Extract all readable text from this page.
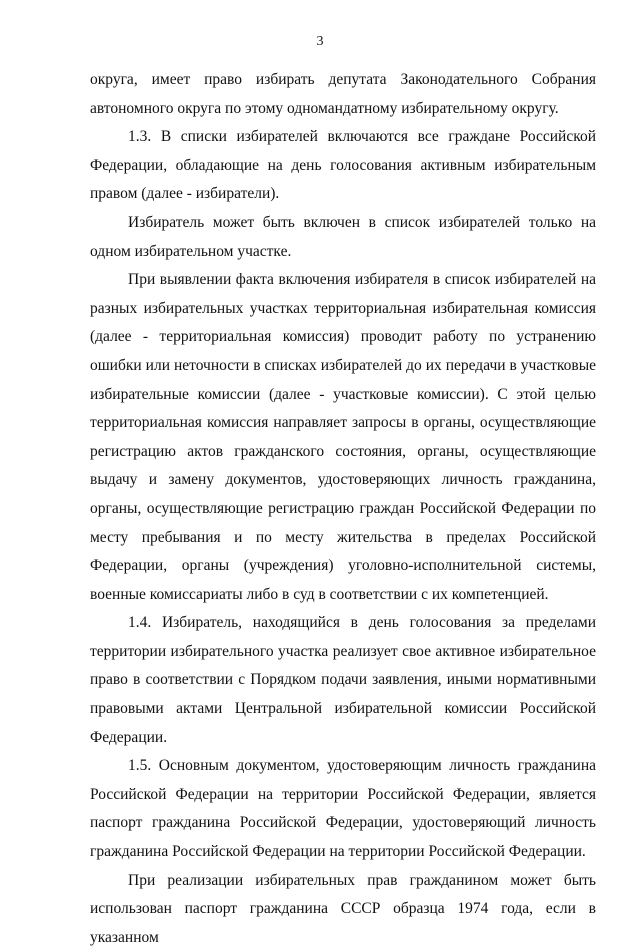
3

округа, имеет право избирать депутата Законодательного Собрания автономного округа по этому одномандатному избирательному округу.

1.3. В списки избирателей включаются все граждане Российской Федерации, обладающие на день голосования активным избирательным правом (далее - избиратели).

Избиратель может быть включен в список избирателей только на одном избирательном участке.

При выявлении факта включения избирателя в список избирателей на разных избирательных участках территориальная избирательная комиссия (далее - территориальная комиссия) проводит работу по устранению ошибки или неточности в списках избирателей до их передачи в участковые избирательные комиссии (далее - участковые комиссии). С этой целью территориальная комиссия направляет запросы в органы, осуществляющие регистрацию актов гражданского состояния, органы, осуществляющие выдачу и замену документов, удостоверяющих личность гражданина, органы, осуществляющие регистрацию граждан Российской Федерации по месту пребывания и по месту жительства в пределах Российской Федерации, органы (учреждения) уголовно-исполнительной системы, военные комиссариаты либо в суд в соответствии с их компетенцией.

1.4. Избиратель, находящийся в день голосования за пределами территории избирательного участка реализует свое активное избирательное право в соответствии с Порядком подачи заявления, иными нормативными правовыми актами Центральной избирательной комиссии Российской Федерации.

1.5. Основным документом, удостоверяющим личность гражданина Российской Федерации на территории Российской Федерации, является паспорт гражданина Российской Федерации, удостоверяющий личность гражданина Российской Федерации на территории Российской Федерации.

При реализации избирательных прав гражданином может быть использован паспорт гражданина СССР образца 1974 года, если в указанном
